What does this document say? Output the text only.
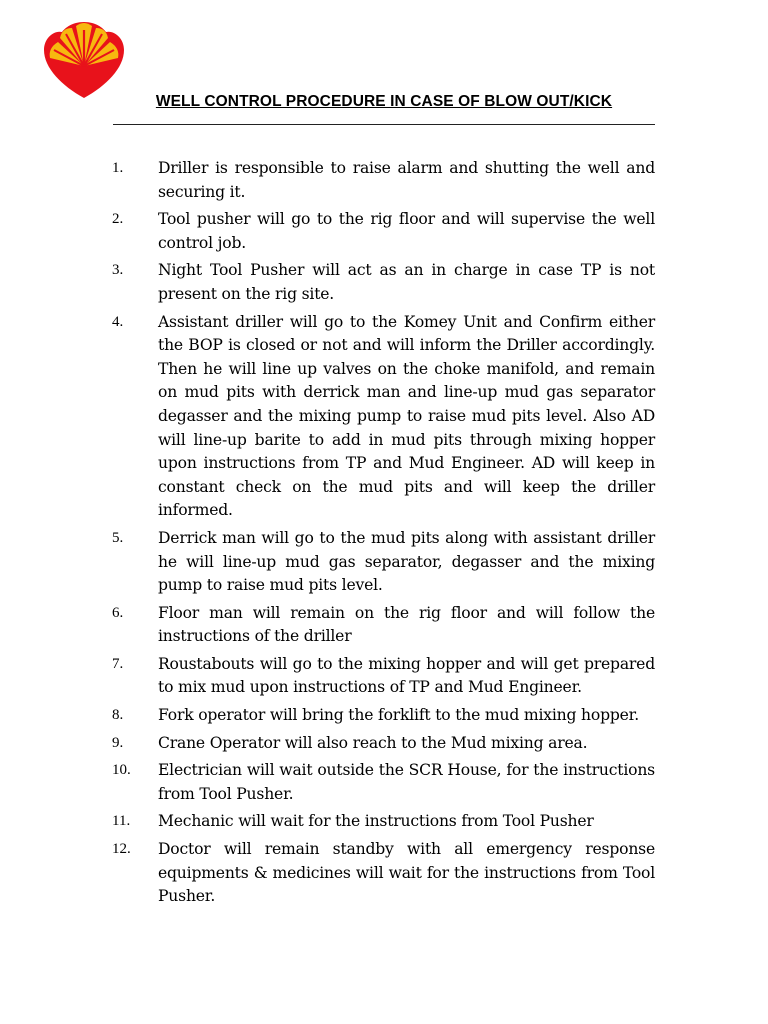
WELL CONTROL PROCEDURE IN CASE OF BLOW OUT/KICK
1.	Driller is responsible to raise alarm and shutting the well and securing it.
2.	Tool pusher will go to the rig floor and will supervise the well control job.
3.	Night Tool Pusher will act as an in charge in case TP is not present on the rig site.
4.	Assistant driller will go to the Komey Unit and Confirm either the BOP is closed or not and will inform the Driller accordingly. Then he will line up valves on the choke manifold, and remain on mud pits with derrick man and line-up mud gas separator degasser and the mixing pump to raise mud pits level. Also AD will line-up barite to add in mud pits through mixing hopper upon instructions from TP and Mud Engineer. AD will keep in constant check on the mud pits and will keep the driller informed.
5.	Derrick man will go to the mud pits along with assistant driller he will line-up mud gas separator, degasser and the mixing pump to raise mud pits level.
6.	Floor man will remain on the rig floor and will follow the instructions of the driller
7.	Roustabouts will go to the mixing hopper and will get prepared to mix mud upon instructions of TP and Mud Engineer.
8.	Fork operator will bring the forklift to the mud mixing hopper.
9.	Crane Operator will also reach to the Mud mixing area.
10.	Electrician will wait outside the SCR House, for the instructions from Tool Pusher.
11.	Mechanic will wait for the instructions from Tool Pusher
12.	Doctor will remain standby with all emergency response equipments & medicines will wait for the instructions from Tool Pusher.
